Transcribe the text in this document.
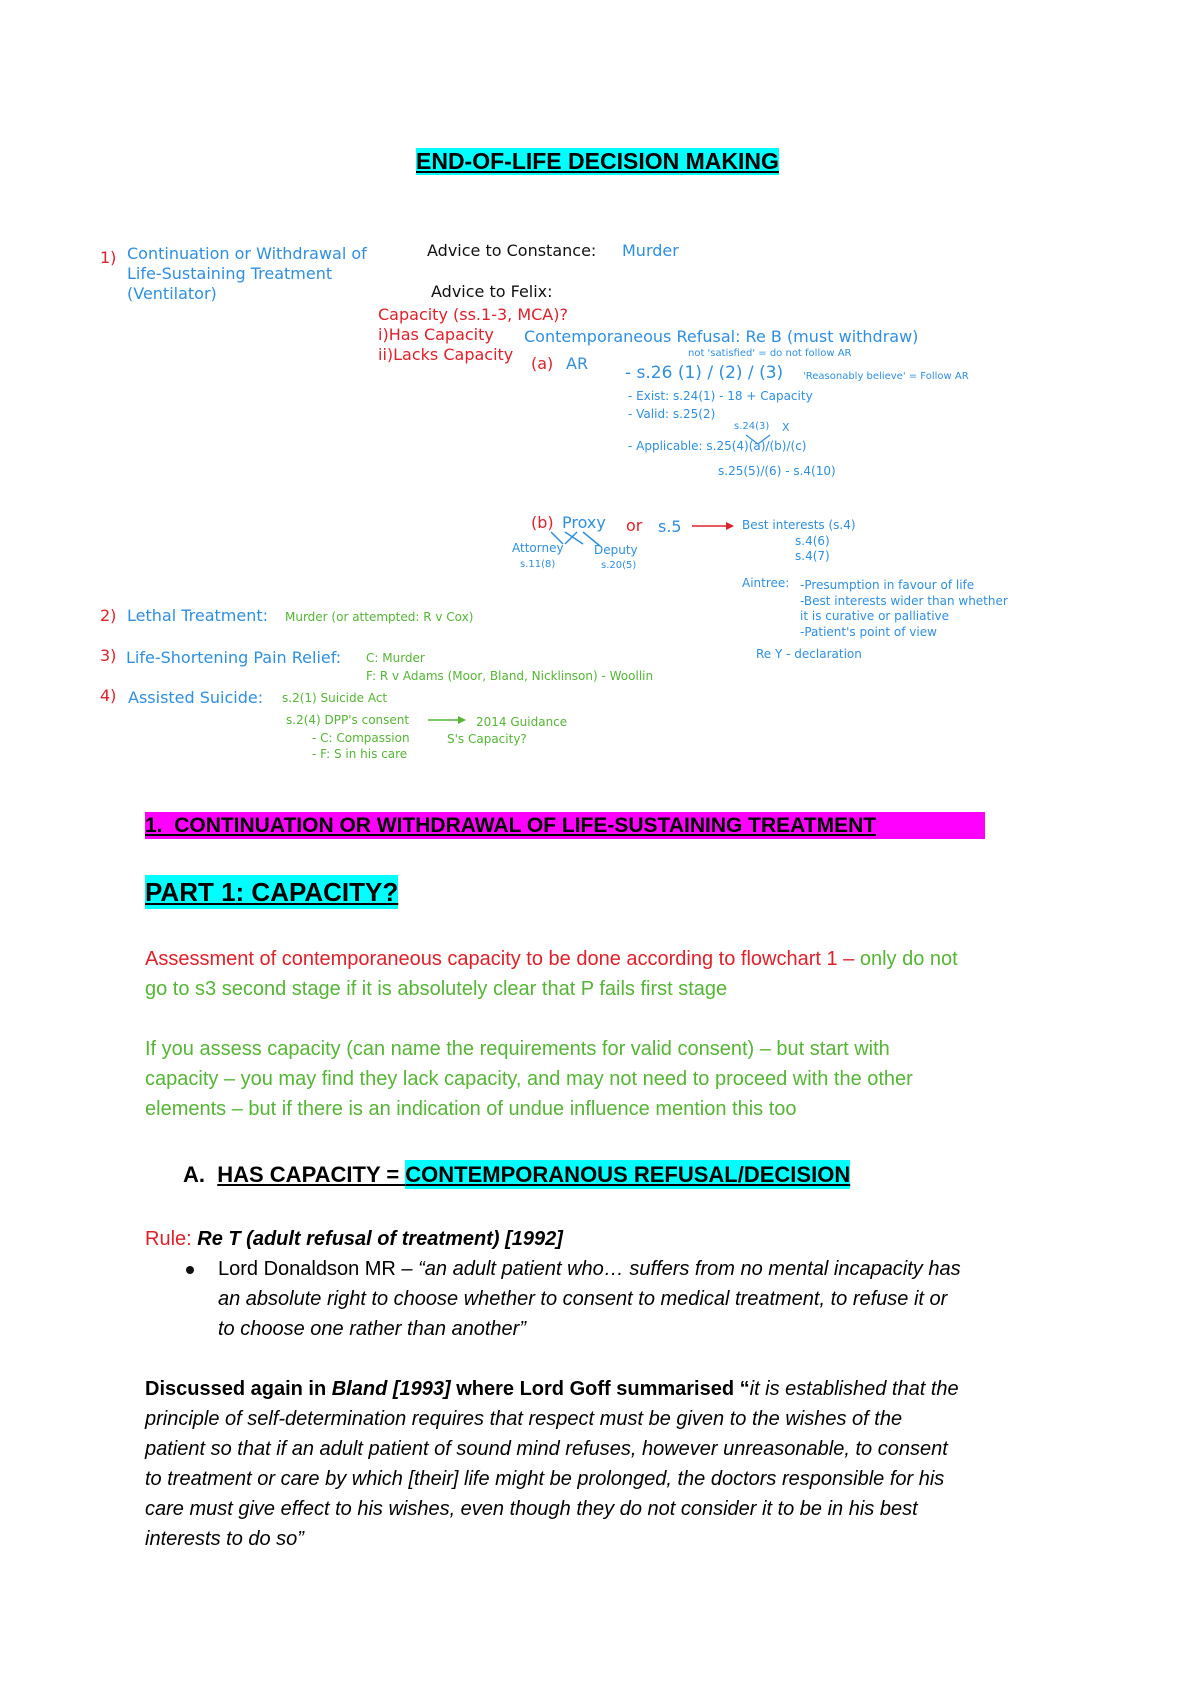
END-OF-LIFE DECISION MAKING
1) Continuation or Withdrawal of
Life-Sustaining Treatment
(Ventilator)
Advice to Constance: Murder
Advice to Felix:
Capacity (ss.1-3, MCA)?
i)Has Capacity
ii)Lacks Capacity
Contemporaneous Refusal: Re B (must withdraw)
(a) AR
not 'satisfied' = do not follow AR
- s.26 (1) / (2) / (3) 'Reasonably believe' = Follow AR
- Exist: s.24(1) - 18 + Capacity
- Valid: s.25(2)
s.24(3) X
- Applicable: s.25(4)(a)/(b)/(c)
s.25(5)/(6) - s.4(10)
(b) Proxy or s.5	Best interests (s.4)
s.4(6)
s.4(7)
Attorney	Deputy
s.11(8)	s.20(5)
Aintree: -Presumption in favour of life
-Best interests wider than whether
it is curative or palliative
-Patient's point of view
Re Y - declaration
2) Lethal Treatment: Murder (or attempted: R v Cox)
3) Life-Shortening Pain Relief: C: Murder
F: R v Adams (Moor, Bland, Nicklinson) - Woollin
4) Assisted Suicide: s.2(1) Suicide Act
s.2(4) DPP's consent	2014 Guidance
- C: Compassion	S's Capacity?
- F: S in his care
1. CONTINUATION OR WITHDRAWAL OF LIFE-SUSTAINING TREATMENT
PART 1: CAPACITY?
Assessment of contemporaneous capacity to be done according to flowchart 1 – only do not
go to s3 second stage if it is absolutely clear that P fails first stage
If you assess capacity (can name the requirements for valid consent) – but start with
capacity – you may find they lack capacity, and may not need to proceed with the other
elements – but if there is an indication of undue influence mention this too
A. HAS CAPACITY = CONTEMPORANOUS REFUSAL/DECISION
Rule: Re T (adult refusal of treatment) [1992]
Lord Donaldson MR – “an adult patient who… suffers from no mental incapacity has
an absolute right to choose whether to consent to medical treatment, to refuse it or
to choose one rather than another”
Discussed again in Bland [1993] where Lord Goff summarised “it is established that the
principle of self-determination requires that respect must be given to the wishes of the
patient so that if an adult patient of sound mind refuses, however unreasonable, to consent
to treatment or care by which [their] life might be prolonged, the doctors responsible for his
care must give effect to his wishes, even though they do not consider it to be in his best
interests to do so”
